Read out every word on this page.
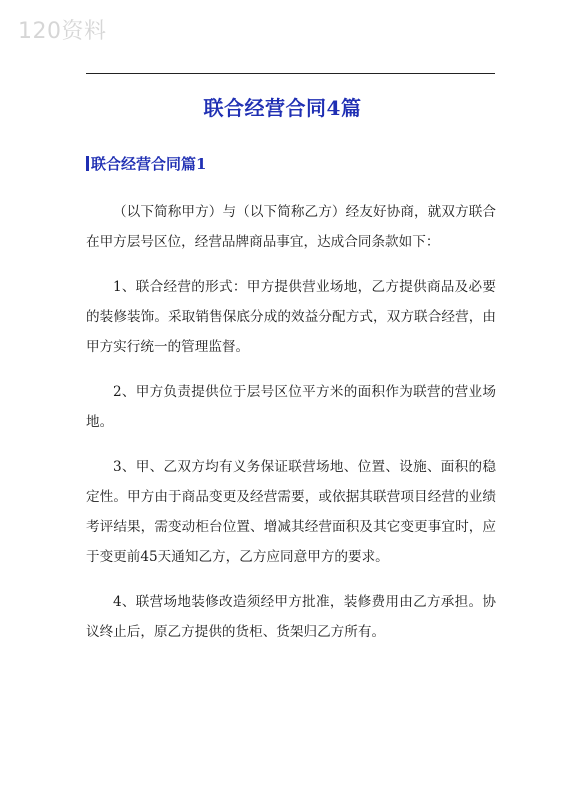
120资料
联合经营合同4篇
联合经营合同篇1

（以下简称甲方）与（以下简称乙方）经友好协商，就双方联合在甲方层号区位，经营品牌商品事宜，达成合同条款如下：

1、联合经营的形式：甲方提供营业场地，乙方提供商品及必要的装修装饰。采取销售保底分成的效益分配方式，双方联合经营，由甲方实行统一的管理监督。

2、甲方负责提供位于层号区位平方米的面积作为联营的营业场地。

3、甲、乙双方均有义务保证联营场地、位置、设施、面积的稳定性。甲方由于商品变更及经营需要，或依据其联营项目经营的业绩考评结果，需变动柜台位置、增减其经营面积及其它变更事宜时，应于变更前45天通知乙方，乙方应同意甲方的要求。

4、联营场地装修改造须经甲方批准，装修费用由乙方承担。协议终止后，原乙方提供的货柜、货架归乙方所有。
